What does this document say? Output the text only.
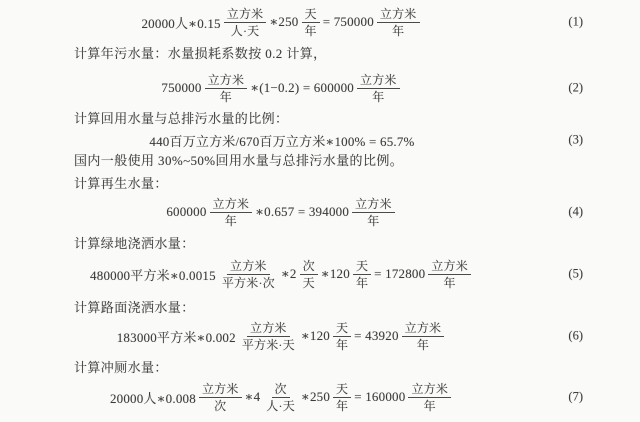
20000人∗0.15 $\frac{\text{立方米}}{\text{人·天}}$ ∗250 $\frac{\text{天}}{\text{年}} = 750000 \frac{\text{立方米}}{\text{年}}$	(1)
计算年污水量：水量损耗系数按 0.2 计算，
$750000 \frac{\text{立方米}}{\text{年}}$ ∗(1−0.2) = $600000 \frac{\text{立方米}}{\text{年}}$	(2)
计算回用水量与总排污水量的比例：
440百万立方米/670百万立方米∗100% = 65.7%	(3)
国内一般使用 30%~50%回用水量与总排污水量的比例。
计算再生水量：
$600000 \frac{\text{立方米}}{\text{年}}$ ∗0.657 = $394000 \frac{\text{立方米}}{\text{年}}$	(4)
计算绿地浇洒水量：
480000平方米∗0.0015 $\frac{\text{立方米}}{\text{平方米·次}}$ ∗2 $\frac{\text{次}}{\text{天}}$ ∗120 $\frac{\text{天}}{\text{年}} = 172800 \frac{\text{立方米}}{\text{年}}$	(5)
计算路面浇洒水量：
183000平方米∗0.002 $\frac{\text{立方米}}{\text{平方米·天}}$ ∗120 $\frac{\text{天}}{\text{年}} = 43920 \frac{\text{立方米}}{\text{年}}$	(6)
计算冲厕水量：
20000人∗0.008 $\frac{\text{立方米}}{\text{次}}$ ∗4 $\frac{\text{次}}{\text{人·天}}$ ∗250 $\frac{\text{天}}{\text{年}} = 160000 \frac{\text{立方米}}{\text{年}}$	(7)
